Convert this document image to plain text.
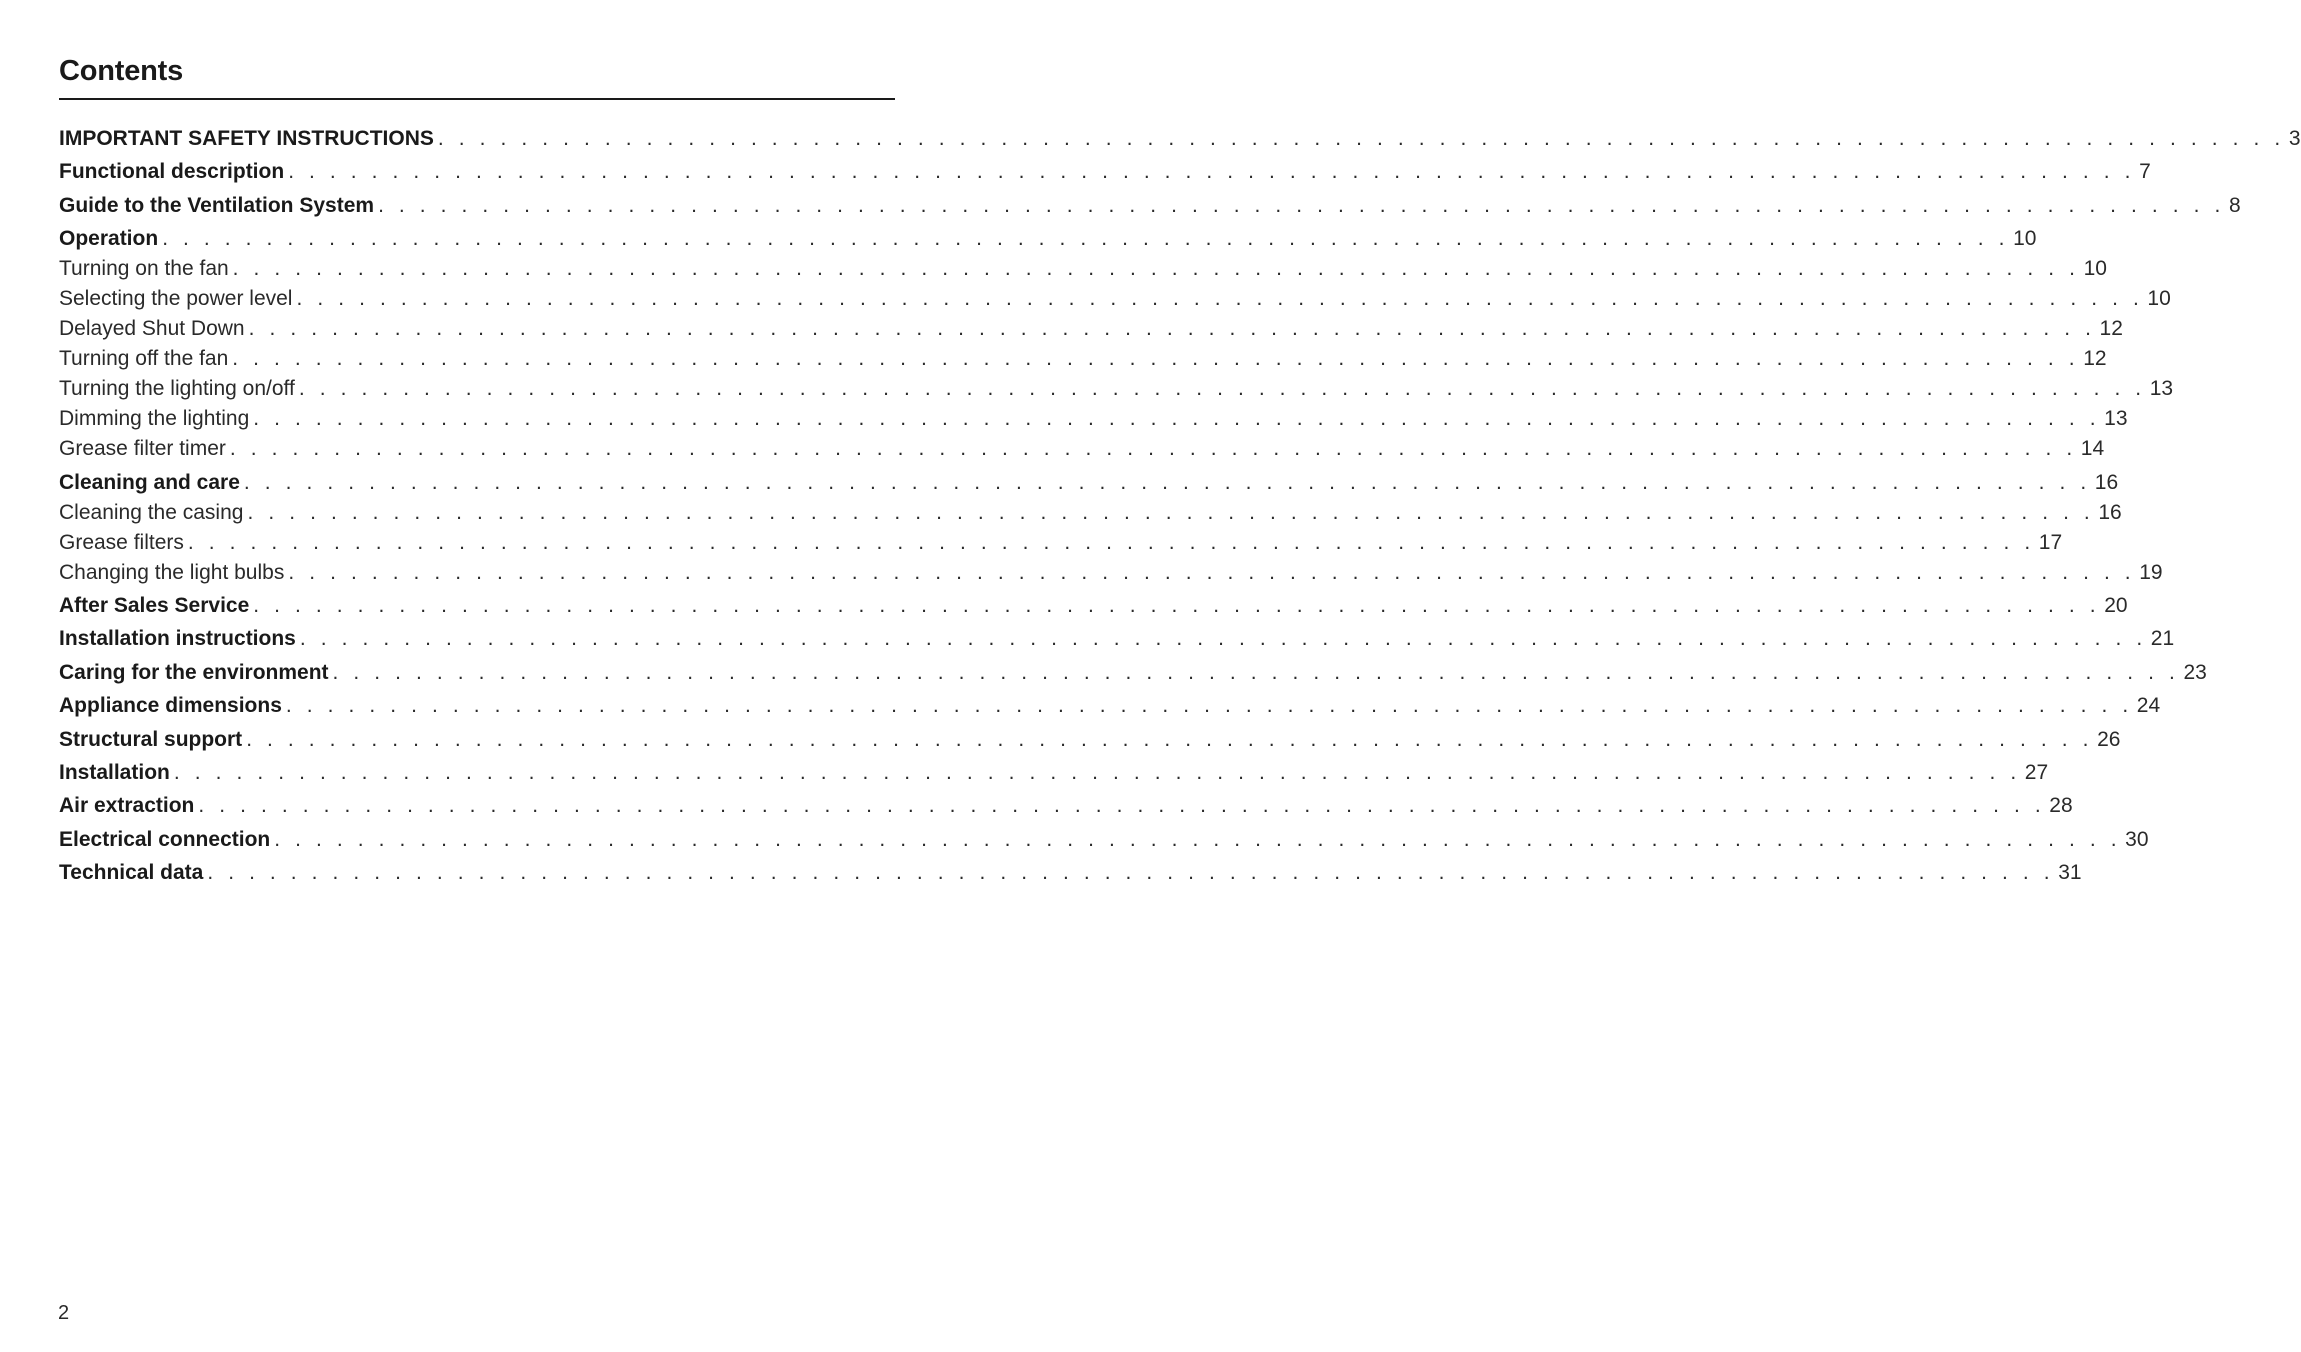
Contents
IMPORTANT SAFETY INSTRUCTIONS . . . . . . . . . . . . . . . . . . . . . . . . . . . . . . . . . . . . . . . . . . . . . . . . . . . . . . . . . . . . . . . . . . . . . . . . . . . . . . . . . . . . . . . . . 3
Functional description . . . . . . . . . . . . . . . . . . . . . . . . . . . . . . . . . . . . . . . . . . . . . . . . . . . . . . . . . . . . . . . . . . . . . . . . . . . . . . . . . . . . . . . . . 7
Guide to the Ventilation System . . . . . . . . . . . . . . . . . . . . . . . . . . . . . . . . . . . . . . . . . . . . . . . . . . . . . . . . . . . . . . . . . . . . . . . . . . . . . . . . . . . . . . . . . 8
Operation . . . . . . . . . . . . . . . . . . . . . . . . . . . . . . . . . . . . . . . . . . . . . . . . . . . . . . . . . . . . . . . . . . . . . . . . . . . . . . . . . . . . . . . . . 10
Turning on the fan . . . . . . . . . . . . . . . . . . . . . . . . . . . . . . . . . . . . . . . . . . . . . . . . . . . . . . . . . . . . . . . . . . . . . . . . . . . . . . . . . . . . . . . . . 10
Selecting the power level . . . . . . . . . . . . . . . . . . . . . . . . . . . . . . . . . . . . . . . . . . . . . . . . . . . . . . . . . . . . . . . . . . . . . . . . . . . . . . . . . . . . . . . . . 10
Delayed Shut Down . . . . . . . . . . . . . . . . . . . . . . . . . . . . . . . . . . . . . . . . . . . . . . . . . . . . . . . . . . . . . . . . . . . . . . . . . . . . . . . . . . . . . . . . . 12
Turning off the fan . . . . . . . . . . . . . . . . . . . . . . . . . . . . . . . . . . . . . . . . . . . . . . . . . . . . . . . . . . . . . . . . . . . . . . . . . . . . . . . . . . . . . . . . . 12
Turning the lighting on/off . . . . . . . . . . . . . . . . . . . . . . . . . . . . . . . . . . . . . . . . . . . . . . . . . . . . . . . . . . . . . . . . . . . . . . . . . . . . . . . . . . . . . . . . . 13
Dimming the lighting . . . . . . . . . . . . . . . . . . . . . . . . . . . . . . . . . . . . . . . . . . . . . . . . . . . . . . . . . . . . . . . . . . . . . . . . . . . . . . . . . . . . . . . . . 13
Grease filter timer . . . . . . . . . . . . . . . . . . . . . . . . . . . . . . . . . . . . . . . . . . . . . . . . . . . . . . . . . . . . . . . . . . . . . . . . . . . . . . . . . . . . . . . . . 14
Cleaning and care . . . . . . . . . . . . . . . . . . . . . . . . . . . . . . . . . . . . . . . . . . . . . . . . . . . . . . . . . . . . . . . . . . . . . . . . . . . . . . . . . . . . . . . . . 16
Cleaning the casing . . . . . . . . . . . . . . . . . . . . . . . . . . . . . . . . . . . . . . . . . . . . . . . . . . . . . . . . . . . . . . . . . . . . . . . . . . . . . . . . . . . . . . . . . 16
Grease filters . . . . . . . . . . . . . . . . . . . . . . . . . . . . . . . . . . . . . . . . . . . . . . . . . . . . . . . . . . . . . . . . . . . . . . . . . . . . . . . . . . . . . . . . . 17
Changing the light bulbs . . . . . . . . . . . . . . . . . . . . . . . . . . . . . . . . . . . . . . . . . . . . . . . . . . . . . . . . . . . . . . . . . . . . . . . . . . . . . . . . . . . . . . . . . 19
After Sales Service . . . . . . . . . . . . . . . . . . . . . . . . . . . . . . . . . . . . . . . . . . . . . . . . . . . . . . . . . . . . . . . . . . . . . . . . . . . . . . . . . . . . . . . . . 20
Installation instructions . . . . . . . . . . . . . . . . . . . . . . . . . . . . . . . . . . . . . . . . . . . . . . . . . . . . . . . . . . . . . . . . . . . . . . . . . . . . . . . . . . . . . . . . . 21
Caring for the environment . . . . . . . . . . . . . . . . . . . . . . . . . . . . . . . . . . . . . . . . . . . . . . . . . . . . . . . . . . . . . . . . . . . . . . . . . . . . . . . . . . . . . . . . . 23
Appliance dimensions . . . . . . . . . . . . . . . . . . . . . . . . . . . . . . . . . . . . . . . . . . . . . . . . . . . . . . . . . . . . . . . . . . . . . . . . . . . . . . . . . . . . . . . . . 24
Structural support . . . . . . . . . . . . . . . . . . . . . . . . . . . . . . . . . . . . . . . . . . . . . . . . . . . . . . . . . . . . . . . . . . . . . . . . . . . . . . . . . . . . . . . . . 26
Installation . . . . . . . . . . . . . . . . . . . . . . . . . . . . . . . . . . . . . . . . . . . . . . . . . . . . . . . . . . . . . . . . . . . . . . . . . . . . . . . . . . . . . . . . . 27
Air extraction . . . . . . . . . . . . . . . . . . . . . . . . . . . . . . . . . . . . . . . . . . . . . . . . . . . . . . . . . . . . . . . . . . . . . . . . . . . . . . . . . . . . . . . . . 28
Electrical connection . . . . . . . . . . . . . . . . . . . . . . . . . . . . . . . . . . . . . . . . . . . . . . . . . . . . . . . . . . . . . . . . . . . . . . . . . . . . . . . . . . . . . . . . . 30
Technical data . . . . . . . . . . . . . . . . . . . . . . . . . . . . . . . . . . . . . . . . . . . . . . . . . . . . . . . . . . . . . . . . . . . . . . . . . . . . . . . . . . . . . . . . . 31
2
